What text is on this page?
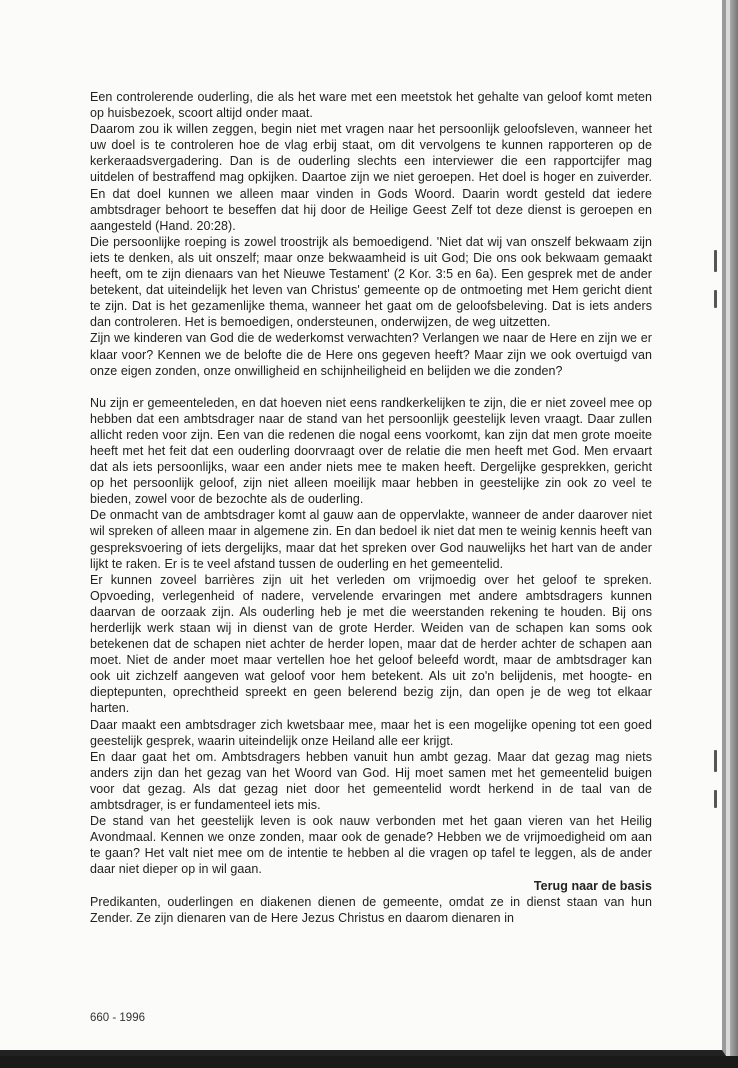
Een controlerende ouderling, die als het ware met een meetstok het gehalte van geloof komt meten op huisbezoek, scoort altijd onder maat.

Daarom zou ik willen zeggen, begin niet met vragen naar het persoonlijk geloofsleven, wanneer het uw doel is te controleren hoe de vlag erbij staat, om dit vervolgens te kunnen rapporteren op de kerkeraadsvergadering. Dan is de ouderling slechts een interviewer die een rapportcijfer mag uitdelen of bestraffend mag opkijken. Daartoe zijn we niet geroepen. Het doel is hoger en zuiverder. En dat doel kunnen we alleen maar vinden in Gods Woord. Daarin wordt gesteld dat iedere ambtsdrager behoort te beseffen dat hij door de Heilige Geest Zelf tot deze dienst is geroepen en aangesteld (Hand. 20:28).

Die persoonlijke roeping is zowel troostrijk als bemoedigend. 'Niet dat wij van onszelf bekwaam zijn iets te denken, als uit onszelf; maar onze bekwaamheid is uit God; Die ons ook bekwaam gemaakt heeft, om te zijn dienaars van het Nieuwe Testament' (2 Kor. 3:5 en 6a). Een gesprek met de ander betekent, dat uiteindelijk het leven van Christus' gemeente op de ontmoeting met Hem gericht dient te zijn. Dat is het gezamenlijke thema, wanneer het gaat om de geloofsbeleving. Dat is iets anders dan controleren. Het is bemoedigen, ondersteunen, onderwijzen, de weg uitzetten.

Zijn we kinderen van God die de wederkomst verwachten? Verlangen we naar de Here en zijn we er klaar voor? Kennen we de belofte die de Here ons gegeven heeft? Maar zijn we ook overtuigd van onze eigen zonden, onze onwilligheid en schijnheiligheid en belijden we die zonden?

Nu zijn er gemeenteleden, en dat hoeven niet eens randkerkelijken te zijn, die er niet zoveel mee op hebben dat een ambtsdrager naar de stand van het persoonlijk geestelijk leven vraagt. Daar zullen allicht reden voor zijn. Een van die redenen die nogal eens voorkomt, kan zijn dat men grote moeite heeft met het feit dat een ouderling doorvraagt over de relatie die men heeft met God. Men ervaart dat als iets persoonlijks, waar een ander niets mee te maken heeft. Dergelijke gesprekken, gericht op het persoonlijk geloof, zijn niet alleen moeilijk maar hebben in geestelijke zin ook zo veel te bieden, zowel voor de bezochte als de ouderling.

De onmacht van de ambtsdrager komt al gauw aan de oppervlakte, wanneer de ander daarover niet wil spreken of alleen maar in algemene zin. En dan bedoel ik niet dat men te weinig kennis heeft van gespreksvoering of iets dergelijks, maar dat het spreken over God nauwelijks het hart van de ander lijkt te raken. Er is te veel afstand tussen de ouderling en het gemeentelid.

Er kunnen zoveel barrières zijn uit het verleden om vrijmoedig over het geloof te spreken. Opvoeding, verlegenheid of nadere, vervelende ervaringen met andere ambtsdragers kunnen daarvan de oorzaak zijn. Als ouderling heb je met die weerstanden rekening te houden. Bij ons herderlijk werk staan wij in dienst van de grote Herder. Weiden van de schapen kan soms ook betekenen dat de schapen niet achter de herder lopen, maar dat de herder achter de schapen aan moet. Niet de ander moet maar vertellen hoe het geloof beleefd wordt, maar de ambtsdrager kan ook uit zichzelf aangeven wat geloof voor hem betekent. Als uit zo'n belijdenis, met hoogte- en dieptepunten, oprechtheid spreekt en geen belerend bezig zijn, dan open je de weg tot elkaar harten.

Daar maakt een ambtsdrager zich kwetsbaar mee, maar het is een mogelijke opening tot een goed geestelijk gesprek, waarin uiteindelijk onze Heiland alle eer krijgt.

En daar gaat het om. Ambtsdragers hebben vanuit hun ambt gezag. Maar dat gezag mag niets anders zijn dan het gezag van het Woord van God. Hij moet samen met het gemeentelid buigen voor dat gezag. Als dat gezag niet door het gemeentelid wordt herkend in de taal van de ambtsdrager, is er fundamenteel iets mis.

De stand van het geestelijk leven is ook nauw verbonden met het gaan vieren van het Heilig Avondmaal. Kennen we onze zonden, maar ook de genade? Hebben we de vrijmoedigheid om aan te gaan? Het valt niet mee om de intentie te hebben al die vragen op tafel te leggen, als de ander daar niet dieper op in wil gaan.

Terug naar de basis

Predikanten, ouderlingen en diakenen dienen de gemeente, omdat ze in dienst staan van hun Zender. Ze zijn dienaren van de Here Jezus Christus en daarom dienaren in

660 - 1996
